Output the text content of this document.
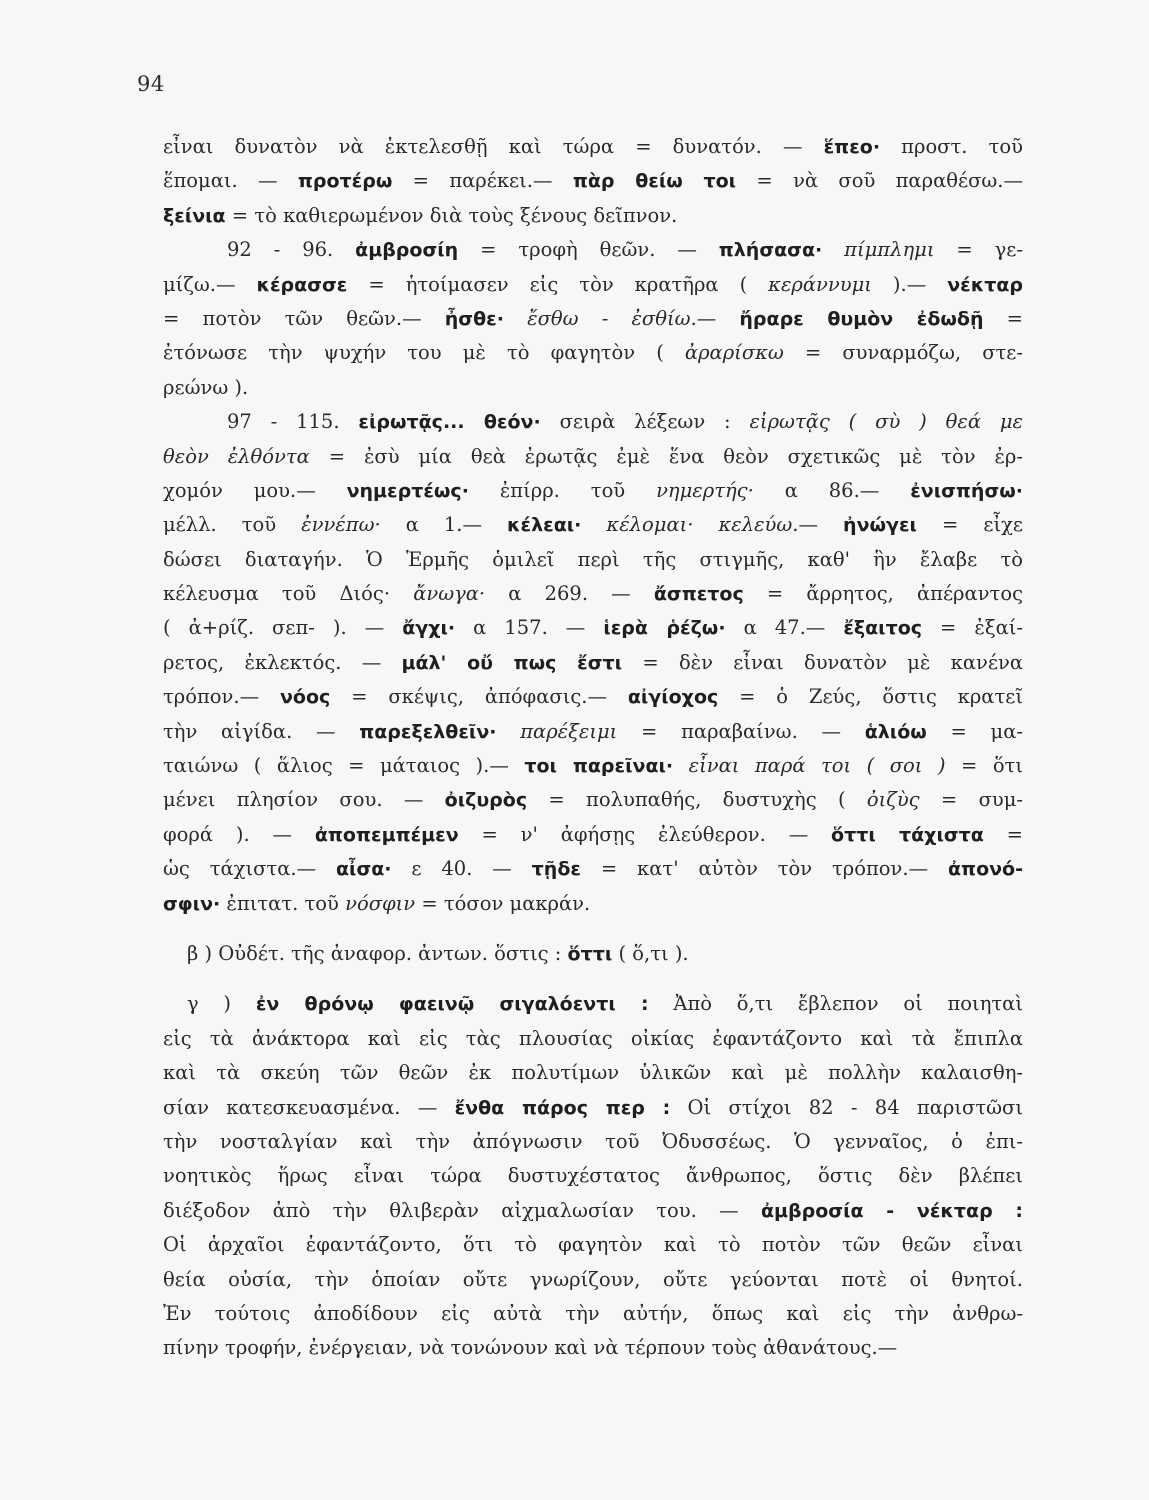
94
εἶναι δυνατὸν νὰ ἐκτελεσθῇ καὶ τώρα = δυνατόν. — ἕπεο· προστ. τοῦ
ἕπομαι. — προτέρω = παρέκει.— πὰρ θείω τοι = νὰ σοῦ παραθέσω.—
ξείνια = τὸ καθιερωμένον διὰ τοὺς ξένους δεῖπνον.
92 - 96. ἀμβροσίη = τροφὴ θεῶν. — πλήσασα· πίμπλημι = γε-
μίζω.— κέρασσε = ἡτοίμασεν εἰς τὸν κρατῆρα ( κεράννυμι ).— νέκταρ
= ποτὸν τῶν θεῶν.— ἦσθε· ἔσθω - ἐσθίω.— ἤραρε θυμὸν ἐδωδῇ =
ἐτόνωσε τὴν ψυχήν του μὲ τὸ φαγητὸν ( ἀραρίσκω = συναρμόζω, στε-
ρεώνω ).
97 - 115. εἰρωτᾷς... θεόν· σειρὰ λέξεων : εἰρωτᾷς ( σὺ ) θεά με
θεὸν ἐλθόντα = ἐσὺ μία θεὰ ἐρωτᾷς ἐμὲ ἕνα θεὸν σχετικῶς μὲ τὸν ἐρ-
χομόν μου.— νημερτέως· ἐπίρρ. τοῦ νημερτής· α 86.— ἐνισπήσω·
μέλλ. τοῦ ἐννέπω· α 1.— κέλεαι· κέλομαι· κελεύω.— ἠνώγει = εἶχε
δώσει διαταγήν. Ὁ Ἑρμῆς ὁμιλεῖ περὶ τῆς στιγμῆς, καθ' ἣν ἔλαβε τὸ
κέλευσμα τοῦ Διός· ἄνωγα· α 269. — ἄσπετος = ἄρρητος, ἀπέραντος
( ἀ+ρίζ. σεπ- ). — ἄγχι· α 157. — ἱερὰ ῥέζω· α 47.— ἔξαιτος = ἐξαί-
ρετος, ἐκλεκτός. — μάλ' οὔ πως ἔστι = δὲν εἶναι δυνατὸν μὲ κανένα
τρόπον.— νόος = σκέψις, ἀπόφασις.— αἰγίοχος = ὁ Ζεύς, ὅστις κρατεῖ
τὴν αἰγίδα. — παρεξελθεῖν· παρέξειμι = παραβαίνω. — ἁλιόω = μα-
ταιώνω ( ἅλιος = μάταιος ).— τοι παρεῖναι· εἶναι παρά τοι ( σοι ) = ὅτι
μένει πλησίον σου. — ὀιζυρὸς = πολυπαθής, δυστυχὴς ( ὀιζὺς = συμ-
φορά ). — ἀποπεμπέμεν = ν' ἀφήσῃς ἐλεύθερον. — ὅττι τάχιστα =
ὡς τάχιστα.— αἶσα· ε 40. — τῇδε = κατ' αὐτὸν τὸν τρόπον.— ἀπονό-
σφιν· ἐπιτατ. τοῦ νόσφιν = τόσον μακράν.
β ) Οὐδέτ. τῆς ἀναφορ. ἀντων. ὅστις : ὅττι ( ὅ,τι ).
γ ) ἐν θρόνῳ φαεινῷ σιγαλόεντι : Ἀπὸ ὅ,τι ἔβλεπον οἱ ποιηταὶ
εἰς τὰ ἀνάκτορα καὶ εἰς τὰς πλουσίας οἰκίας ἐφαντάζοντο καὶ τὰ ἔπιπλα
καὶ τὰ σκεύη τῶν θεῶν ἐκ πολυτίμων ὑλικῶν καὶ μὲ πολλὴν καλαισθη-
σίαν κατεσκευασμένα. — ἔνθα πάρος περ : Οἱ στίχοι 82 - 84 παριστῶσι
τὴν νοσταλγίαν καὶ τὴν ἀπόγνωσιν τοῦ Ὀδυσσέως. Ὁ γενναῖος, ὁ ἐπι-
νοητικὸς ἥρως εἶναι τώρα δυστυχέστατος ἄνθρωπος, ὅστις δὲν βλέπει
διέξοδον ἀπὸ τὴν θλιβερὰν αἰχμαλωσίαν του. — ἀμβροσία - νέκταρ :
Οἱ ἀρχαῖοι ἐφαντάζοντο, ὅτι τὸ φαγητὸν καὶ τὸ ποτὸν τῶν θεῶν εἶναι
θεία οὐσία, τὴν ὁποίαν οὔτε γνωρίζουν, οὔτε γεύονται ποτὲ οἱ θνητοί.
Ἐν τούτοις ἀποδίδουν εἰς αὐτὰ τὴν αὐτήν, ὅπως καὶ εἰς τὴν ἀνθρω-
πίνην τροφήν, ἐνέργειαν, νὰ τονώνουν καὶ νὰ τέρπουν τοὺς ἀθανάτους.—
